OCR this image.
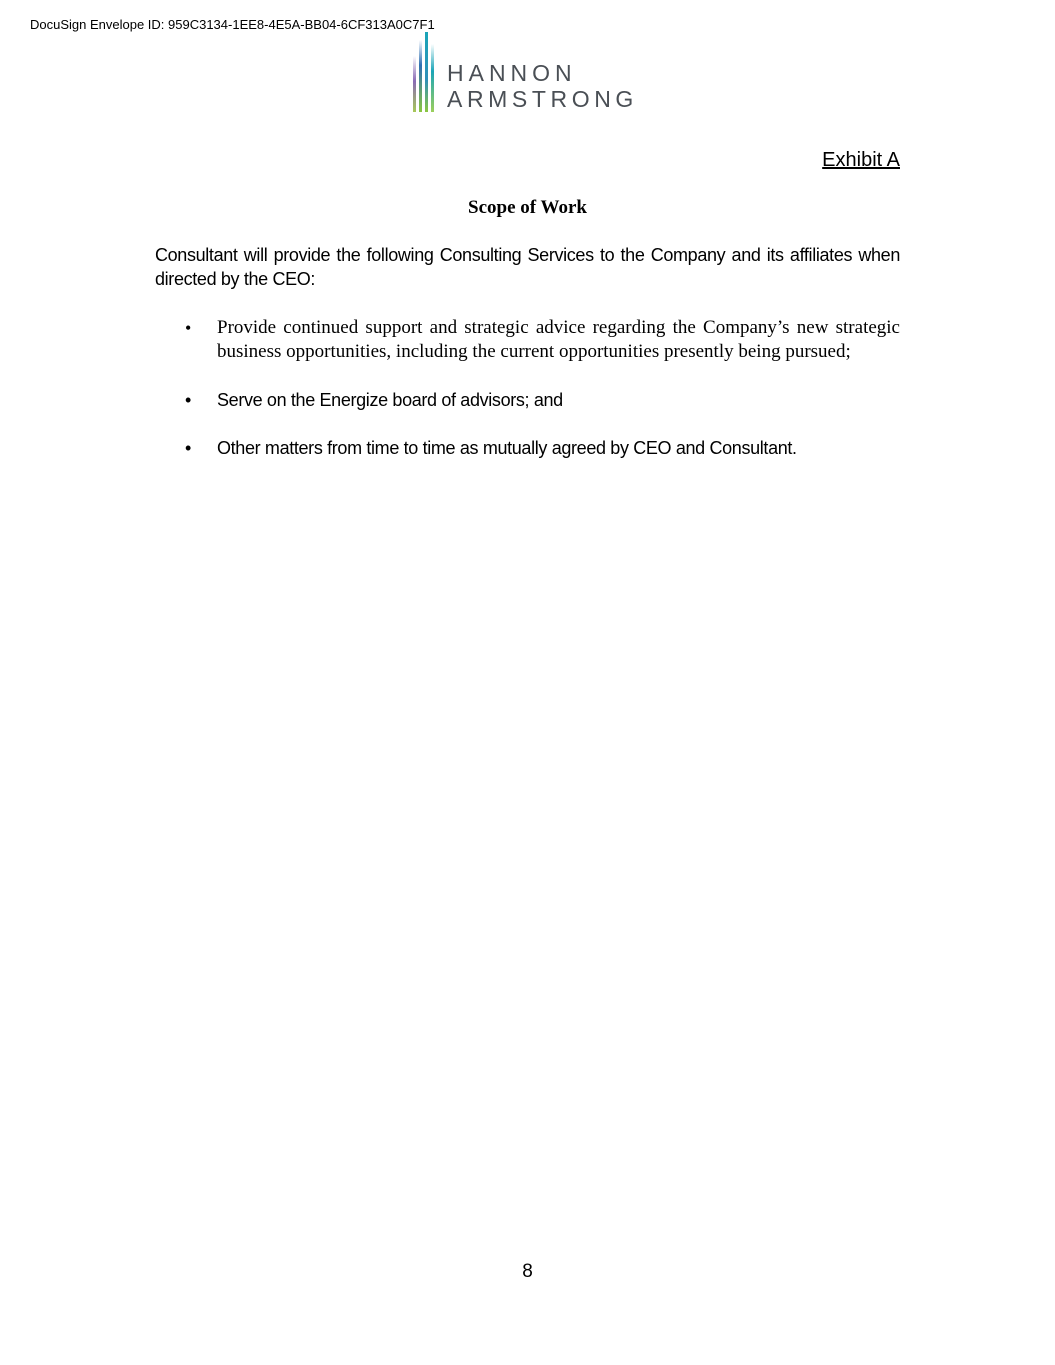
DocuSign Envelope ID: 959C3134-1EE8-4E5A-BB04-6CF313A0C7F1
HANNON
ARMSTRONG
Exhibit A
Scope of Work
Consultant will provide the following Consulting Services to the Company and its affiliates when directed by the CEO:
• Provide continued support and strategic advice regarding the Company’s new strategic business opportunities, including the current opportunities presently being pursued;
• Serve on the Energize board of advisors; and
• Other matters from time to time as mutually agreed by CEO and Consultant.
8
